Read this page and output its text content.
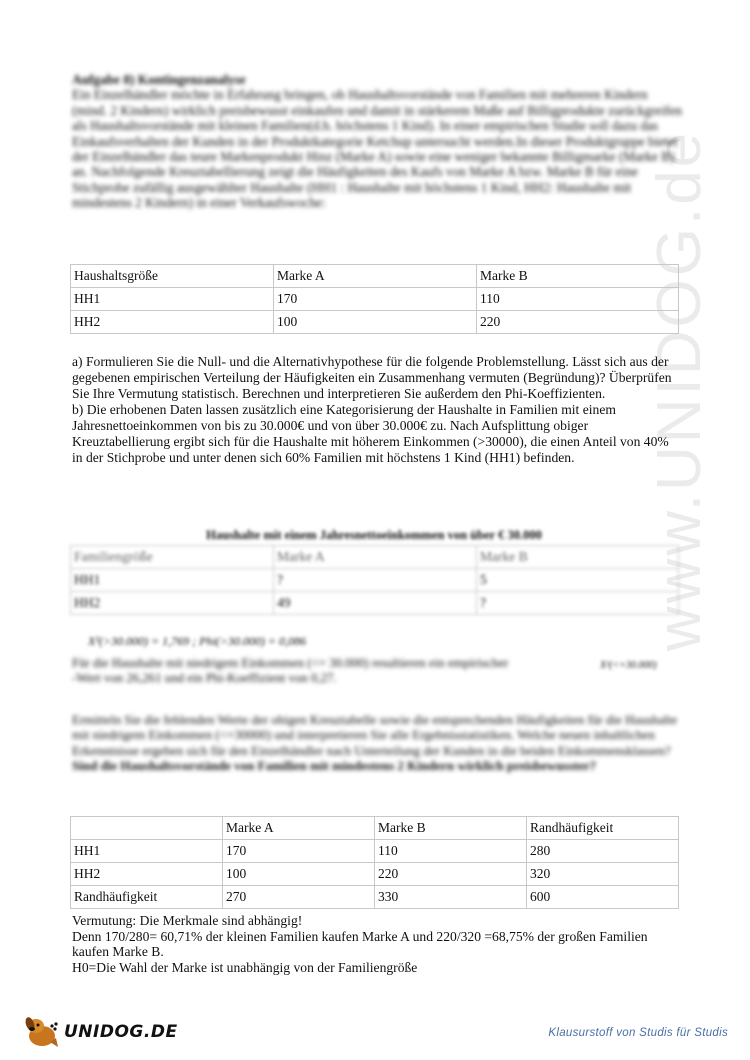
www.UNIDOG.de
Aufgabe 8) Kontingenzanalyse
Ein Einzelhändler möchte in Erfahrung bringen, ob Haushaltsvorstände von Familien mit mehreren Kindern (mind. 2 Kindern) wirklich preisbewusst einkaufen und damit in stärkerem Maße auf Billigprodukte zurückgreifen als Haushaltsvorstände mit kleinen Familien(d.h. höchstens 1 Kind). In einer empirischen Studie soll dazu das Einkaufsverhalten der Kunden in der Produktkategorie Ketchup untersucht werden.In dieser Produktgruppe bietet der Einzelhändler das teure Markenprodukt Hinz (Marke A) sowie eine weniger bekannte Billigmarke (Marke B) an. Nachfolgende Kreuztabellierung zeigt die Häufigkeiten des Kaufs von Marke A bzw. Marke B für eine Stichprobe zufällig ausgewählter Haushalte (HH1 : Haushalte mit höchstens 1 Kind, HH2: Haushalte mit mindestens 2 Kindern) in einer Verkaufswoche:
Haushaltsgröße	Marke A	Marke B
HH1	170	110
HH2	100	220
a) Formulieren Sie die Null- und die Alternativhypothese für die folgende Problemstellung. Lässt sich aus der gegebenen empirischen Verteilung der Häufigkeiten ein Zusammenhang vermuten (Begründung)? Überprüfen Sie Ihre Vermutung statistisch. Berechnen und interpretieren Sie außerdem den Phi-Koeffizienten.
b) Die erhobenen Daten lassen zusätzlich eine Kategorisierung der Haushalte in Familien mit einem Jahresnettoeinkommen von bis zu 30.000€ und von über 30.000€ zu. Nach Aufsplittung obiger Kreuztabellierung ergibt sich für die Haushalte mit höherem Einkommen (>30000), die einen Anteil von 40% in der Stichprobe und unter denen sich 60% Familien mit höchstens 1 Kind (HH1) befinden.
Haushalte mit einem Jahresnettoeinkommen von über € 30.000
Familiengröße	Marke A	Marke B
HH1	?	5
HH2	49	?
X²(>30.000) = 1,769 ; Phi(>30.000) = 0,086
X²(<=30.000)
Für die Haushalte mit niedrigem Einkommen (<= 30.000) resultieren ein empirischer
-Wert von 26,261 und ein Phi-Koeffizient von 0,27.
Ermitteln Sie die fehlenden Werte der obigen Kreuztabelle sowie die entsprechenden Häufigkeiten für die Haushalte mit niedrigem Einkommen (<=30000) und interpretieren Sie alle Ergebnisstatistiken. Welche neuen inhaltlichen Erkenntnisse ergeben sich für den Einzelhändler nach Unterteilung der Kunden in die beiden Einkommensklassen?
Sind die Haushaltsvorstände von Familien mit mindestens 2 Kindern wirklich preisbewusster?
	Marke A	Marke B	Randhäufigkeit
HH1	170	110	280
HH2	100	220	320
Randhäufigkeit	270	330	600
Vermutung: Die Merkmale sind abhängig!
Denn 170/280= 60,71% der kleinen Familien kaufen Marke A und 220/320 =68,75% der großen Familien kaufen Marke B.
H0=Die Wahl der Marke ist unabhängig von der Familiengröße
UNIDOG.DE	Klausurstoff von Studis für Studis
